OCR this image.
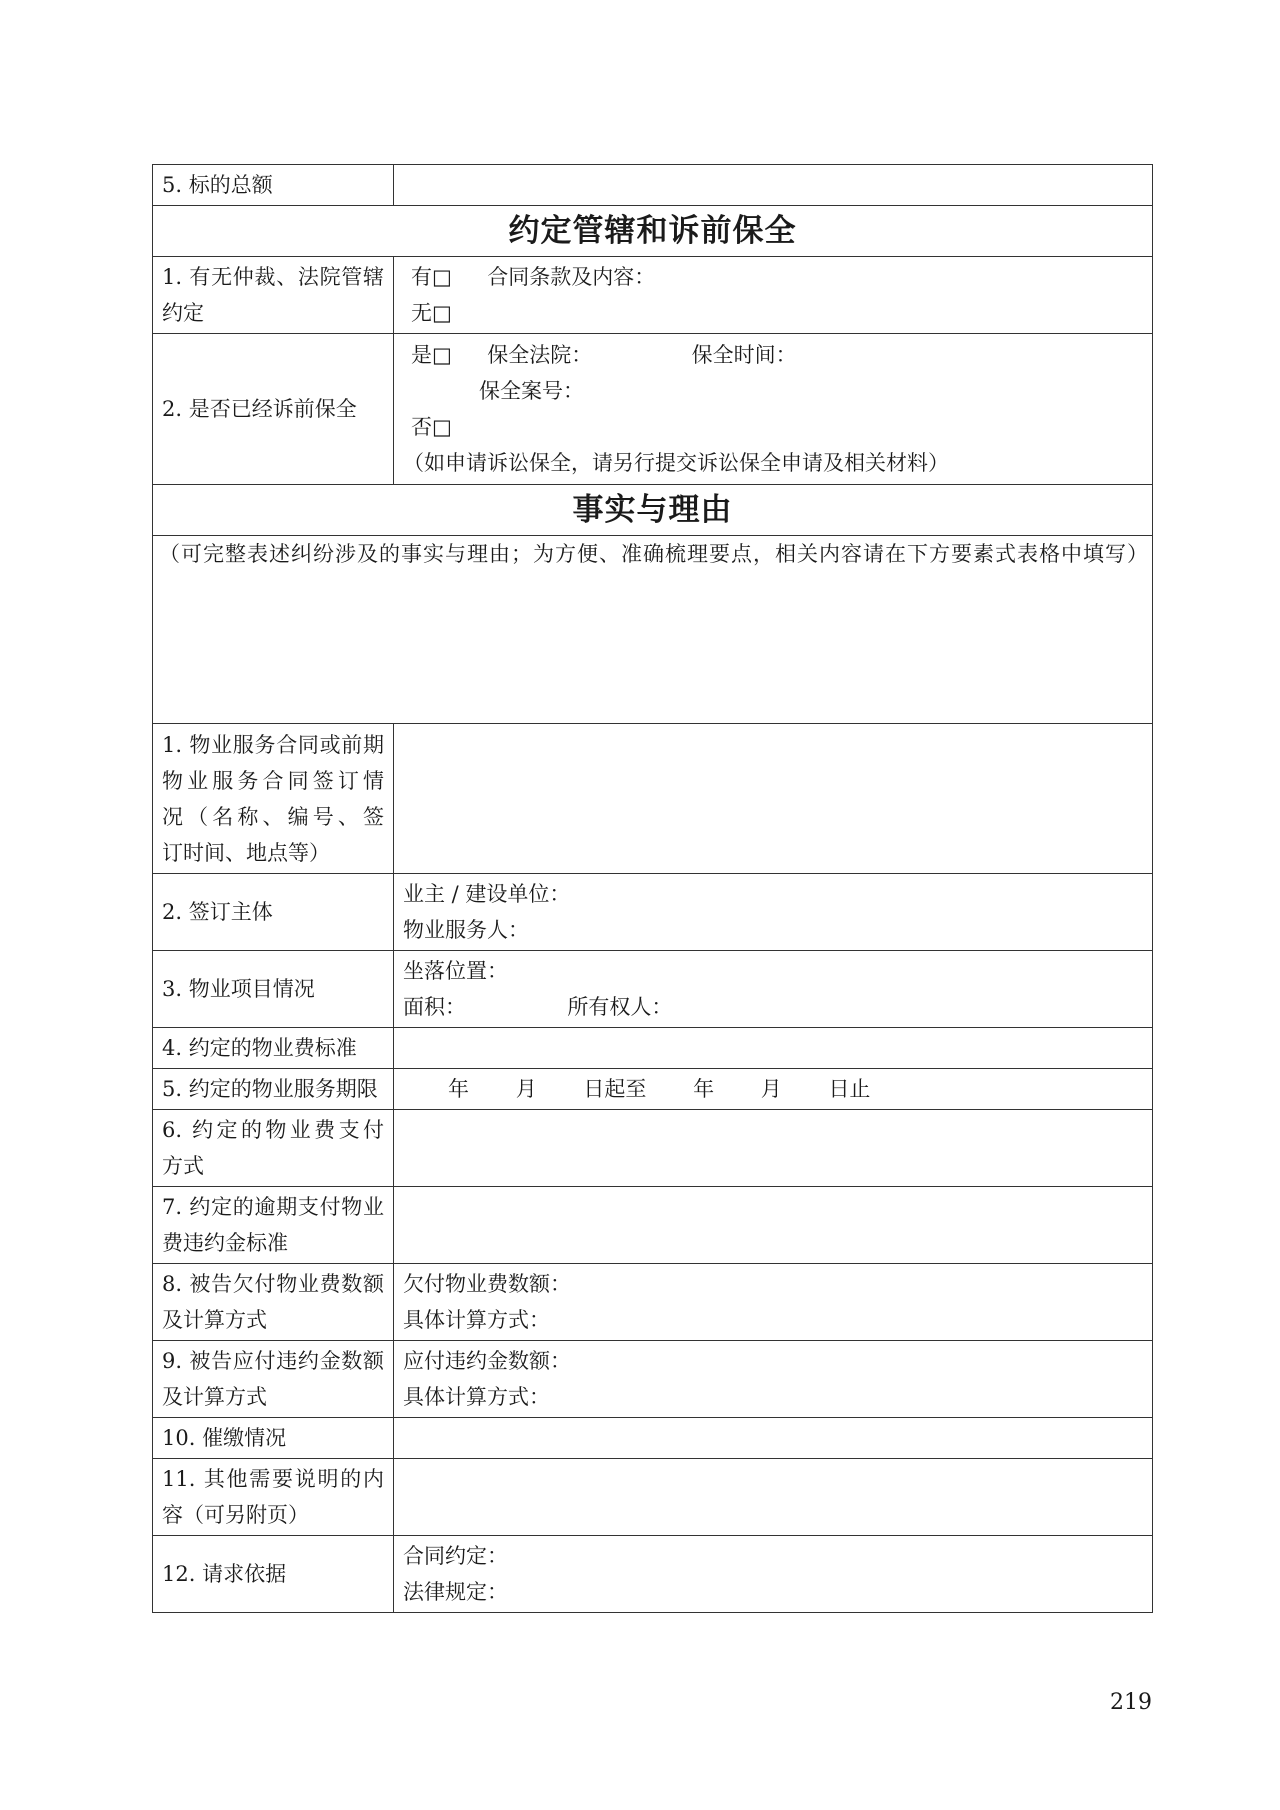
5. 标的总额	
约定管辖和诉前保全	

1. 有无仲裁、法院管辖
约定	有□ 合同条款及内容：
无□

2. 是否已经诉前保全	是□ 保全法院： 保全时间：
保全案号：
否□
（如申请诉讼保全，请另行提交诉讼保全申请及相关材料）

事实与理由	
（可完整表述纠纷涉及的事实与理由；为方便、准确梳理要点，相关内容请在下方要素式表格中填写）	

1. 物业服务合同或前期
物业服务合同签订情
况（名称、编号、签
订时间、地点等）	

2. 签订主体	业主 / 建设单位：
物业服务人：

3. 物业项目情况	坐落位置：
面积： 所有权人：

4. 约定的物业费标准	
5. 约定的物业服务期限	年 月 日起至 年 月 日止

6. 约定的物业费支付
方式	

7. 约定的逾期支付物业
费违约金标准	

8. 被告欠付物业费数额
及计算方式	欠付物业费数额：
具体计算方式：

9. 被告应付违约金数额
及计算方式	应付违约金数额：
具体计算方式：

10. 催缴情况	

11. 其他需要说明的内
容（可另附页）	

12. 请求依据	合同约定：
法律规定：
219
